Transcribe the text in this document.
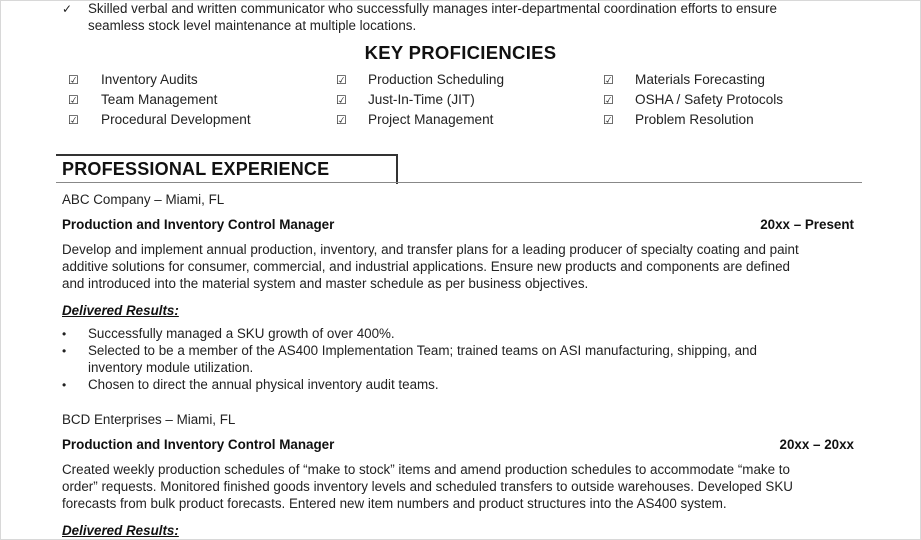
✓ Skilled verbal and written communicator who successfully manages inter-departmental coordination efforts to ensure
seamless stock level maintenance at multiple locations.
KEY PROFICIENCIES
☑ Inventory Audits
☑ Team Management
☑ Procedural Development
☑ Production Scheduling
☑ Just-In-Time (JIT)
☑ Project Management
☑ Materials Forecasting
☑ OSHA / Safety Protocols
☑ Problem Resolution
PROFESSIONAL EXPERIENCE
ABC Company – Miami, FL
Production and Inventory Control Manager	20xx – Present
Develop and implement annual production, inventory, and transfer plans for a leading producer of specialty coating and paint
additive solutions for consumer, commercial, and industrial applications. Ensure new products and components are defined
and introduced into the material system and master schedule as per business objectives.
Delivered Results:
• Successfully managed a SKU growth of over 400%.
• Selected to be a member of the AS400 Implementation Team; trained teams on ASI manufacturing, shipping, and
inventory module utilization.
• Chosen to direct the annual physical inventory audit teams.
BCD Enterprises – Miami, FL
Production and Inventory Control Manager	20xx – 20xx
Created weekly production schedules of “make to stock” items and amend production schedules to accommodate “make to
order” requests. Monitored finished goods inventory levels and scheduled transfers to outside warehouses. Developed SKU
forecasts from bulk product forecasts. Entered new item numbers and product structures into the AS400 system.
Delivered Results:
